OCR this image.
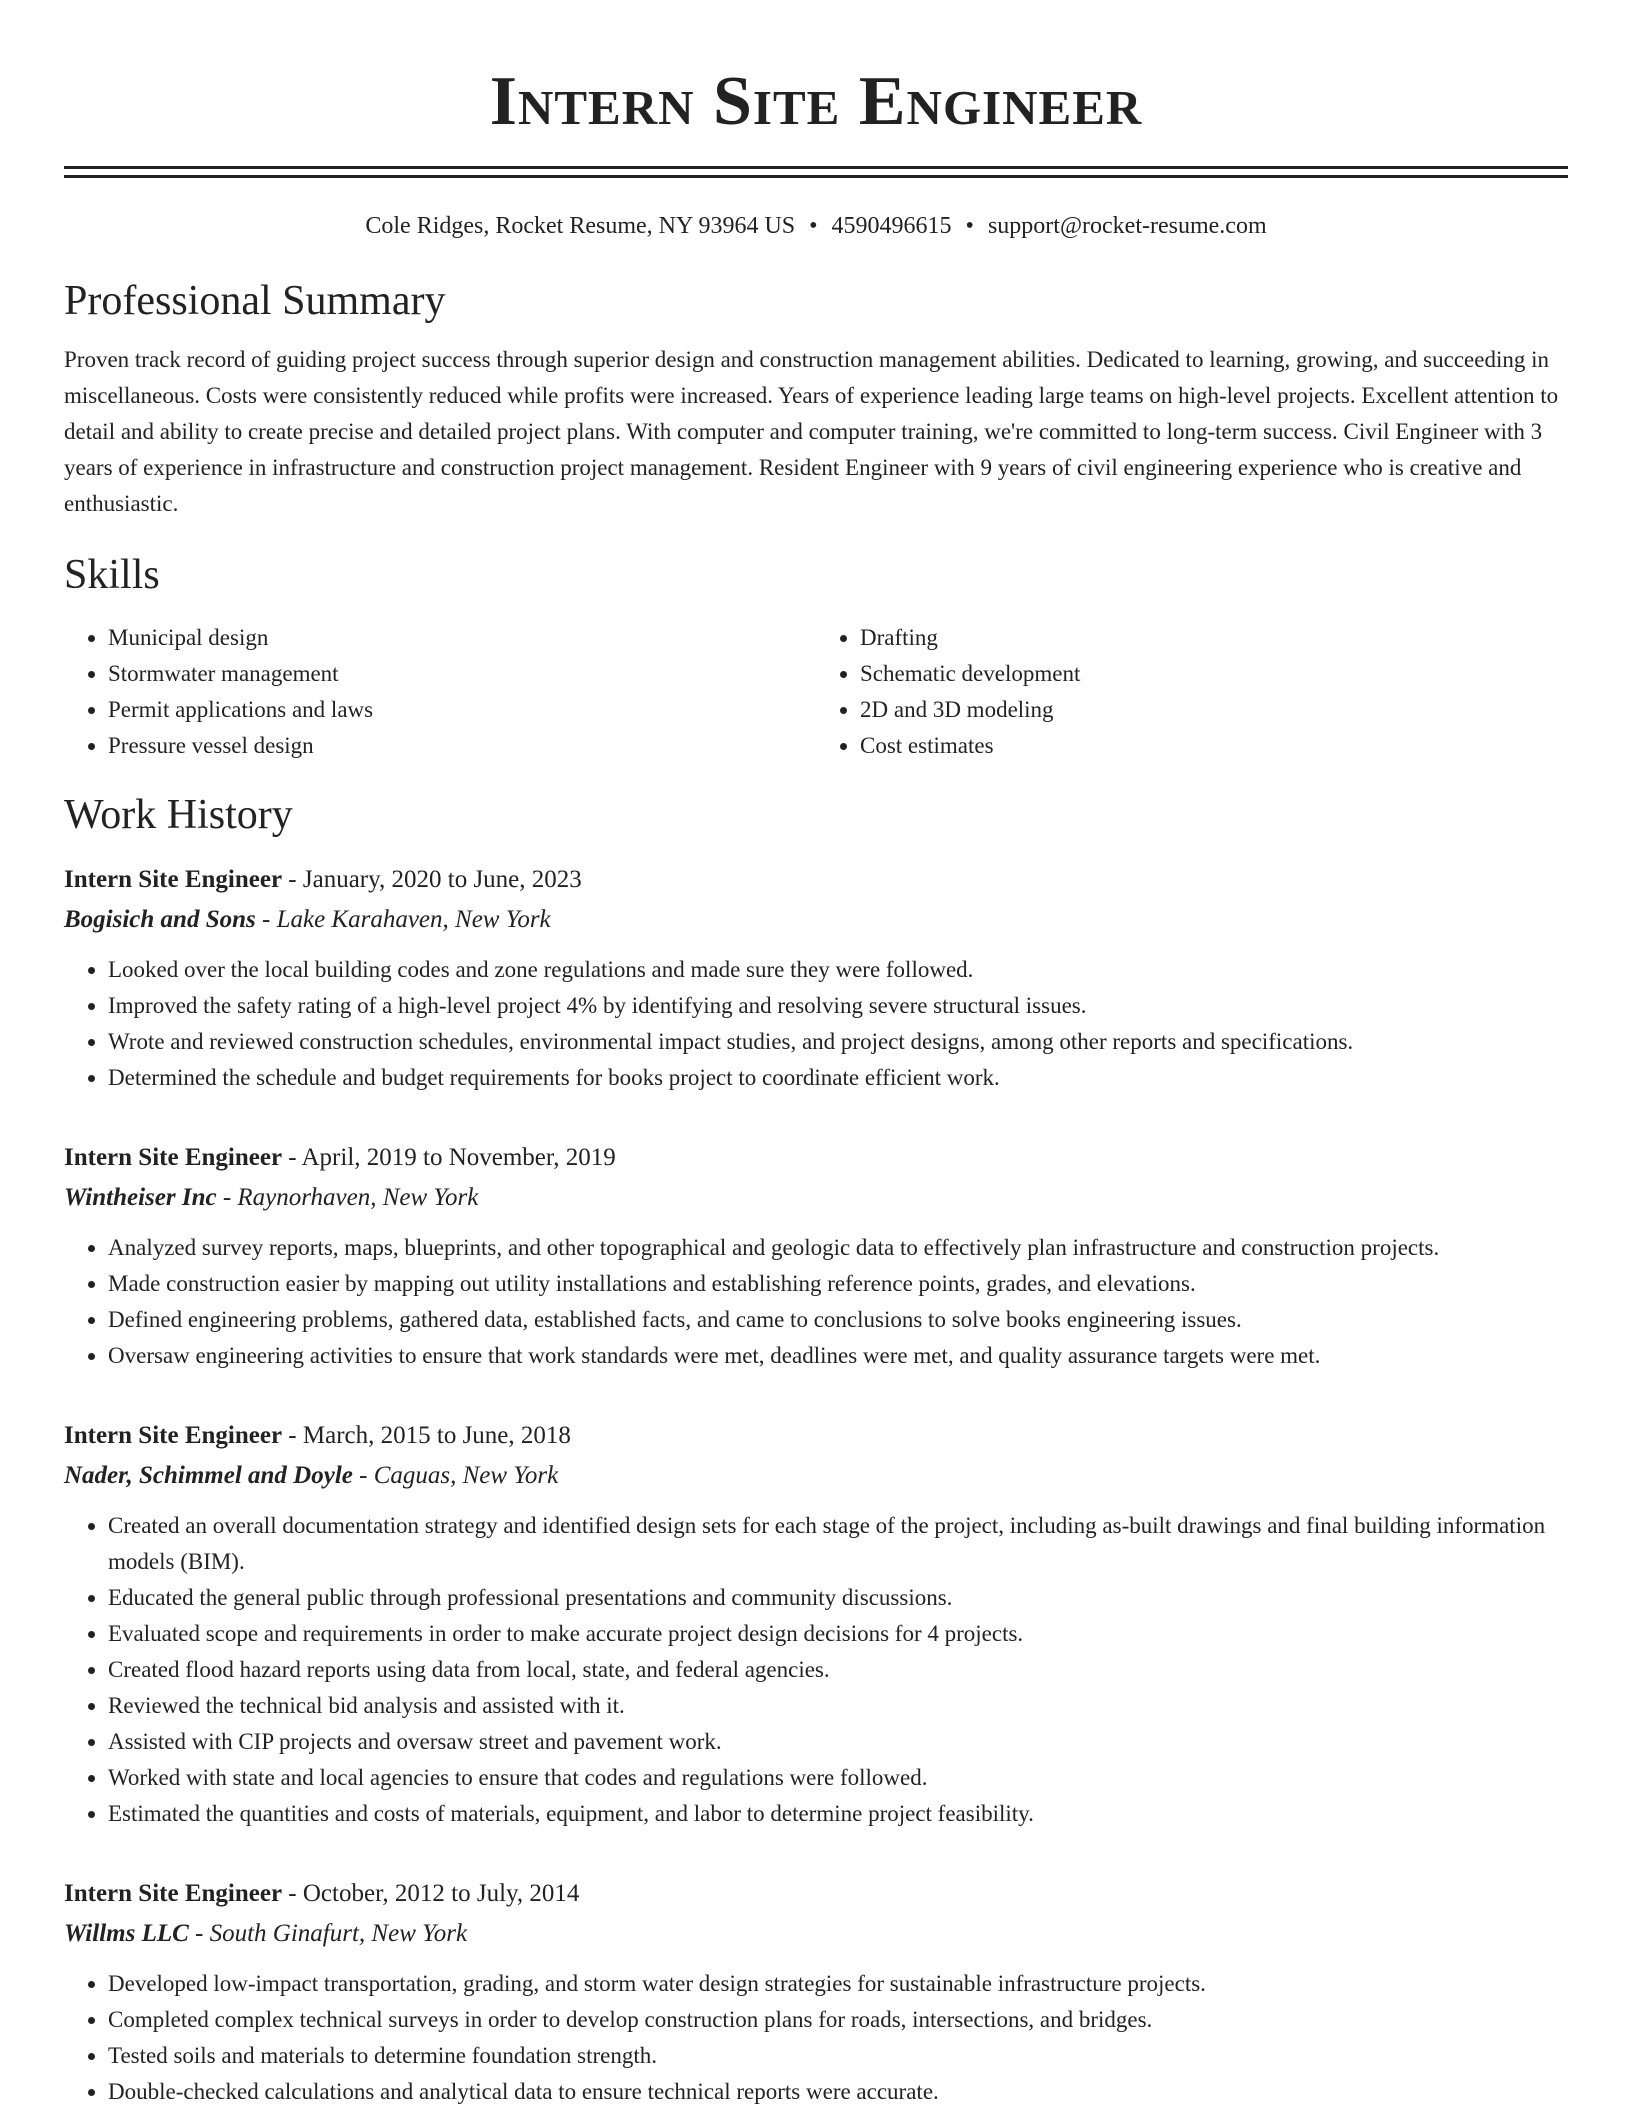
Intern Site Engineer
Cole Ridges, Rocket Resume, NY 93964 US • 4590496615 • support@rocket-resume.com
Professional Summary

Proven track record of guiding project success through superior design and construction management abilities. Dedicated to learning, growing, and succeeding in miscellaneous. Costs were consistently reduced while profits were increased. Years of experience leading large teams on high-level projects. Excellent attention to detail and ability to create precise and detailed project plans. With computer and computer training, we're committed to long-term success. Civil Engineer with 3 years of experience in infrastructure and construction project management. Resident Engineer with 9 years of civil engineering experience who is creative and enthusiastic.

Skills
• Municipal design
• Stormwater management
• Permit applications and laws
• Pressure vessel design
• Drafting
• Schematic development
• 2D and 3D modeling
• Cost estimates
Work History
Intern Site Engineer - January, 2020 to June, 2023
Bogisich and Sons - Lake Karahaven, New York
• Looked over the local building codes and zone regulations and made sure they were followed.
• Improved the safety rating of a high-level project 4% by identifying and resolving severe structural issues.
• Wrote and reviewed construction schedules, environmental impact studies, and project designs, among other reports and specifications.
• Determined the schedule and budget requirements for books project to coordinate efficient work.
Intern Site Engineer - April, 2019 to November, 2019
Wintheiser Inc - Raynorhaven, New York
• Analyzed survey reports, maps, blueprints, and other topographical and geologic data to effectively plan infrastructure and construction projects.
• Made construction easier by mapping out utility installations and establishing reference points, grades, and elevations.
• Defined engineering problems, gathered data, established facts, and came to conclusions to solve books engineering issues.
• Oversaw engineering activities to ensure that work standards were met, deadlines were met, and quality assurance targets were met.
Intern Site Engineer - March, 2015 to June, 2018
Nader, Schimmel and Doyle - Caguas, New York
• Created an overall documentation strategy and identified design sets for each stage of the project, including as-built drawings and final building information models (BIM).
• Educated the general public through professional presentations and community discussions.
• Evaluated scope and requirements in order to make accurate project design decisions for 4 projects.
• Created flood hazard reports using data from local, state, and federal agencies.
• Reviewed the technical bid analysis and assisted with it.
• Assisted with CIP projects and oversaw street and pavement work.
• Worked with state and local agencies to ensure that codes and regulations were followed.
• Estimated the quantities and costs of materials, equipment, and labor to determine project feasibility.
Intern Site Engineer - October, 2012 to July, 2014
Willms LLC - South Ginafurt, New York
• Developed low-impact transportation, grading, and storm water design strategies for sustainable infrastructure projects.
• Completed complex technical surveys in order to develop construction plans for roads, intersections, and bridges.
• Tested soils and materials to determine foundation strength.
• Double-checked calculations and analytical data to ensure technical reports were accurate.
